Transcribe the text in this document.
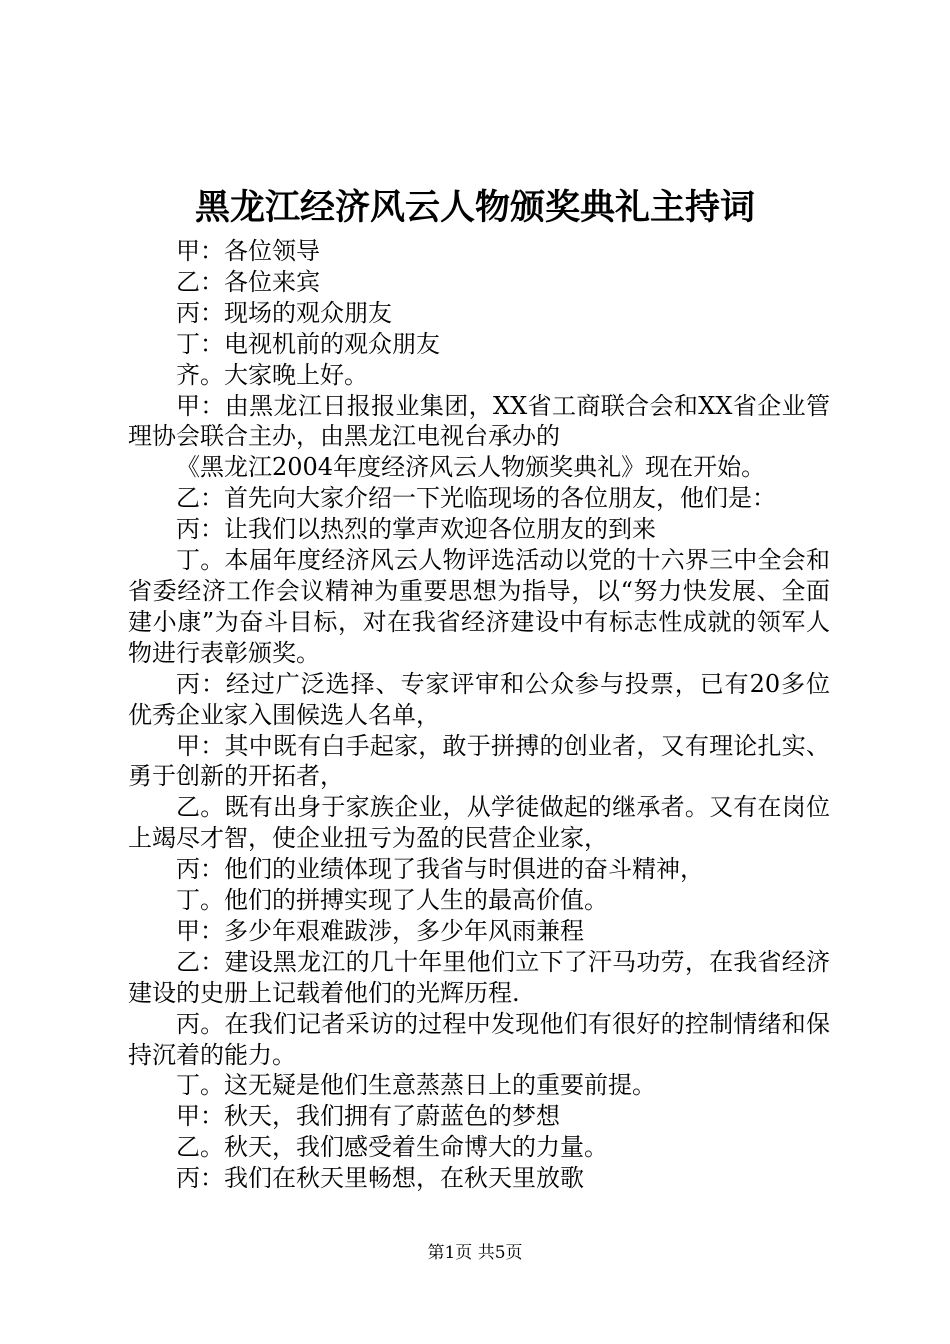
黑龙江经济风云人物颁奖典礼主持词

甲：各位领导

乙：各位来宾

丙：现场的观众朋友

丁：电视机前的观众朋友

齐。大家晚上好。

甲：由黑龙江日报报业集团，XX省工商联合会和XX省企业管理协会联合主办，由黑龙江电视台承办的

《黑龙江2004年度经济风云人物颁奖典礼》现在开始。

乙：首先向大家介绍一下光临现场的各位朋友，他们是：

丙：让我们以热烈的掌声欢迎各位朋友的到来

丁。本届年度经济风云人物评选活动以党的十六界三中全会和省委经济工作会议精神为重要思想为指导，以“努力快发展、全面建小康”为奋斗目标，对在我省经济建设中有标志性成就的领军人物进行表彰颁奖。

丙：经过广泛选择、专家评审和公众参与投票，已有20多位优秀企业家入围候选人名单，

甲：其中既有白手起家，敢于拼搏的创业者，又有理论扎实、勇于创新的开拓者，

乙。既有出身于家族企业，从学徒做起的继承者。又有在岗位上竭尽才智，使企业扭亏为盈的民营企业家，

丙：他们的业绩体现了我省与时俱进的奋斗精神，

丁。他们的拼搏实现了人生的最高价值。

甲：多少年艰难跋涉，多少年风雨兼程

乙：建设黑龙江的几十年里他们立下了汗马功劳，在我省经济建设的史册上记载着他们的光辉历程.

丙。在我们记者采访的过程中发现他们有很好的控制情绪和保持沉着的能力。

丁。这无疑是他们生意蒸蒸日上的重要前提。

甲：秋天，我们拥有了蔚蓝色的梦想

乙。秋天，我们感受着生命博大的力量。

丙：我们在秋天里畅想，在秋天里放歌

第1页 共5页
